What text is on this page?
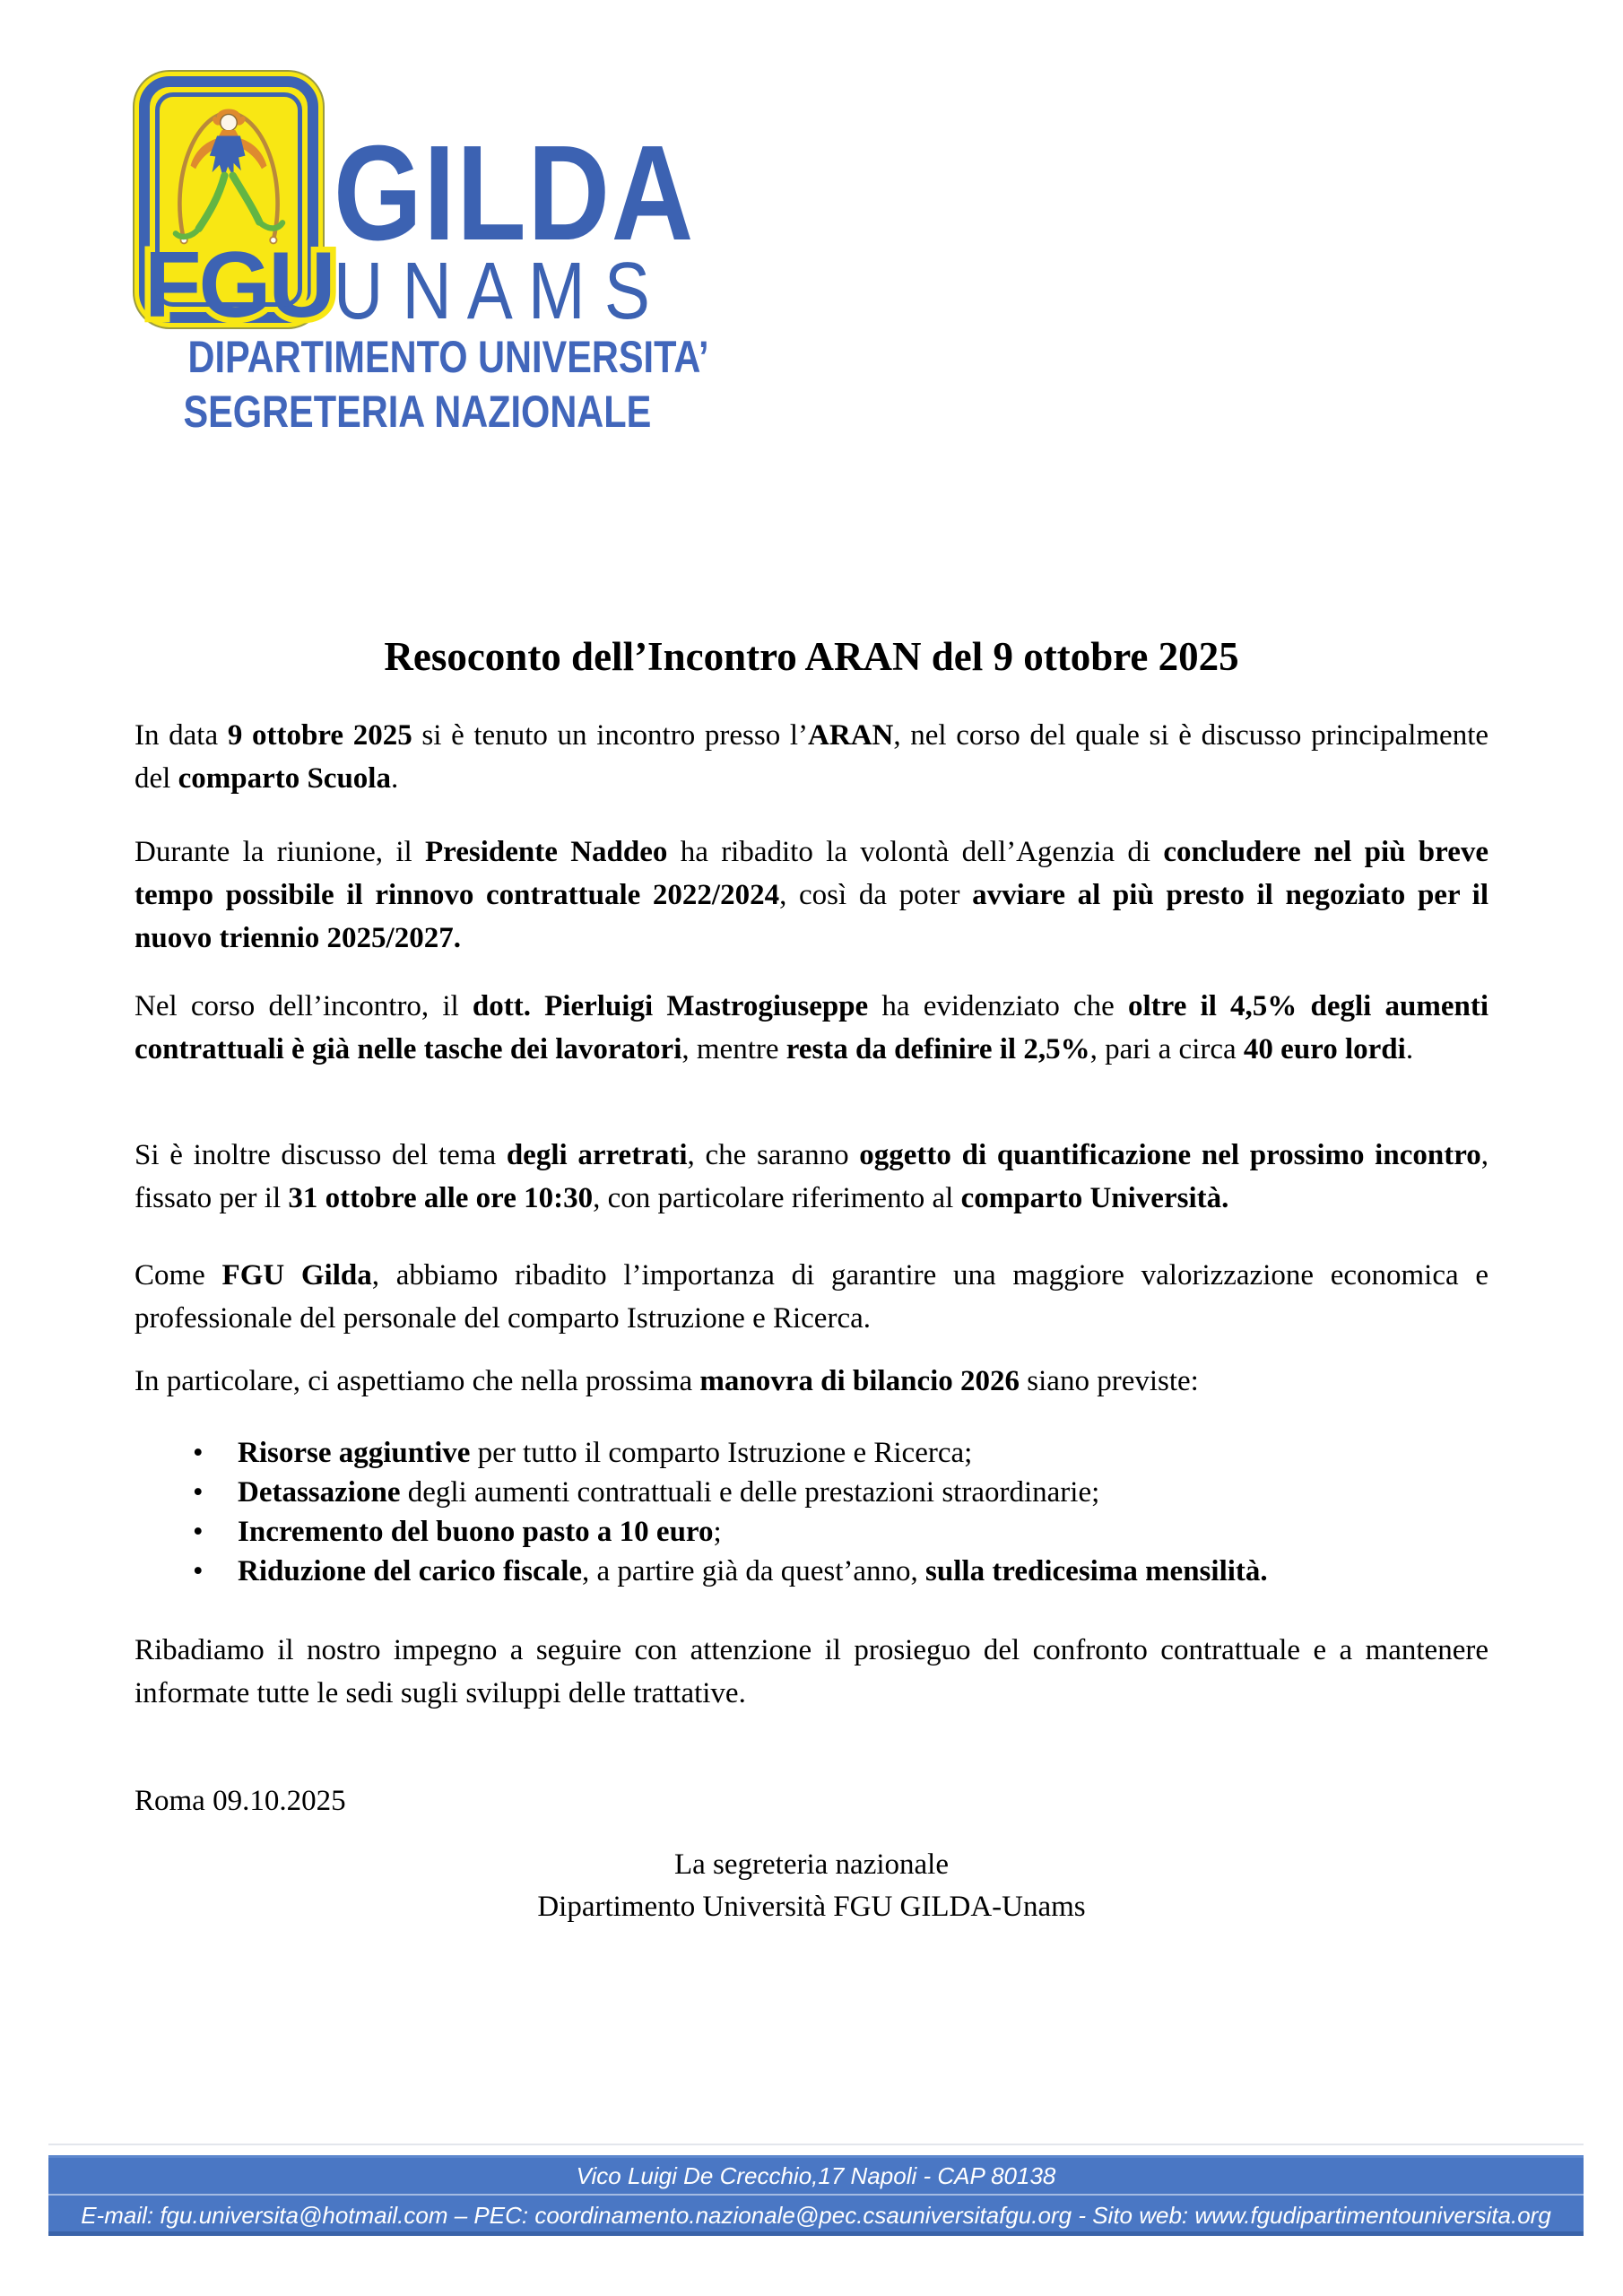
FGU
GILDA
U N A M S
DIPARTIMENTO UNIVERSITA’
SEGRETERIA NAZIONALE
Resoconto dell’Incontro ARAN del 9 ottobre 2025
In data 9 ottobre 2025 si è tenuto un incontro presso l’ARAN, nel corso del quale si è discusso principalmente del comparto Scuola.
Durante la riunione, il Presidente Naddeo ha ribadito la volontà dell’Agenzia di concludere nel più breve tempo possibile il rinnovo contrattuale 2022/2024, così da poter avviare al più presto il negoziato per il nuovo triennio 2025/2027.
Nel corso dell’incontro, il dott. Pierluigi Mastrogiuseppe ha evidenziato che oltre il 4,5% degli aumenti contrattuali è già nelle tasche dei lavoratori, mentre resta da definire il 2,5%, pari a circa 40 euro lordi.
Si è inoltre discusso del tema degli arretrati, che saranno oggetto di quantificazione nel prossimo incontro, fissato per il 31 ottobre alle ore 10:30, con particolare riferimento al comparto Università.
Come FGU Gilda, abbiamo ribadito l’importanza di garantire una maggiore valorizzazione economica e professionale del personale del comparto Istruzione e Ricerca.
In particolare, ci aspettiamo che nella prossima manovra di bilancio 2026 siano previste:
• Risorse aggiuntive per tutto il comparto Istruzione e Ricerca;
• Detassazione degli aumenti contrattuali e delle prestazioni straordinarie;
• Incremento del buono pasto a 10 euro;
• Riduzione del carico fiscale, a partire già da quest’anno, sulla tredicesima mensilità.
Ribadiamo il nostro impegno a seguire con attenzione il prosieguo del confronto contrattuale e a mantenere informate tutte le sedi sugli sviluppi delle trattative.
Roma 09.10.2025
La segreteria nazionale
Dipartimento Università FGU GILDA-Unams
Vico Luigi De Crecchio,17 Napoli - CAP 80138
E-mail: fgu.universita@hotmail.com – PEC: coordinamento.nazionale@pec.csauniversitafgu.org - Sito web: www.fgudipartimentouniversita.org
